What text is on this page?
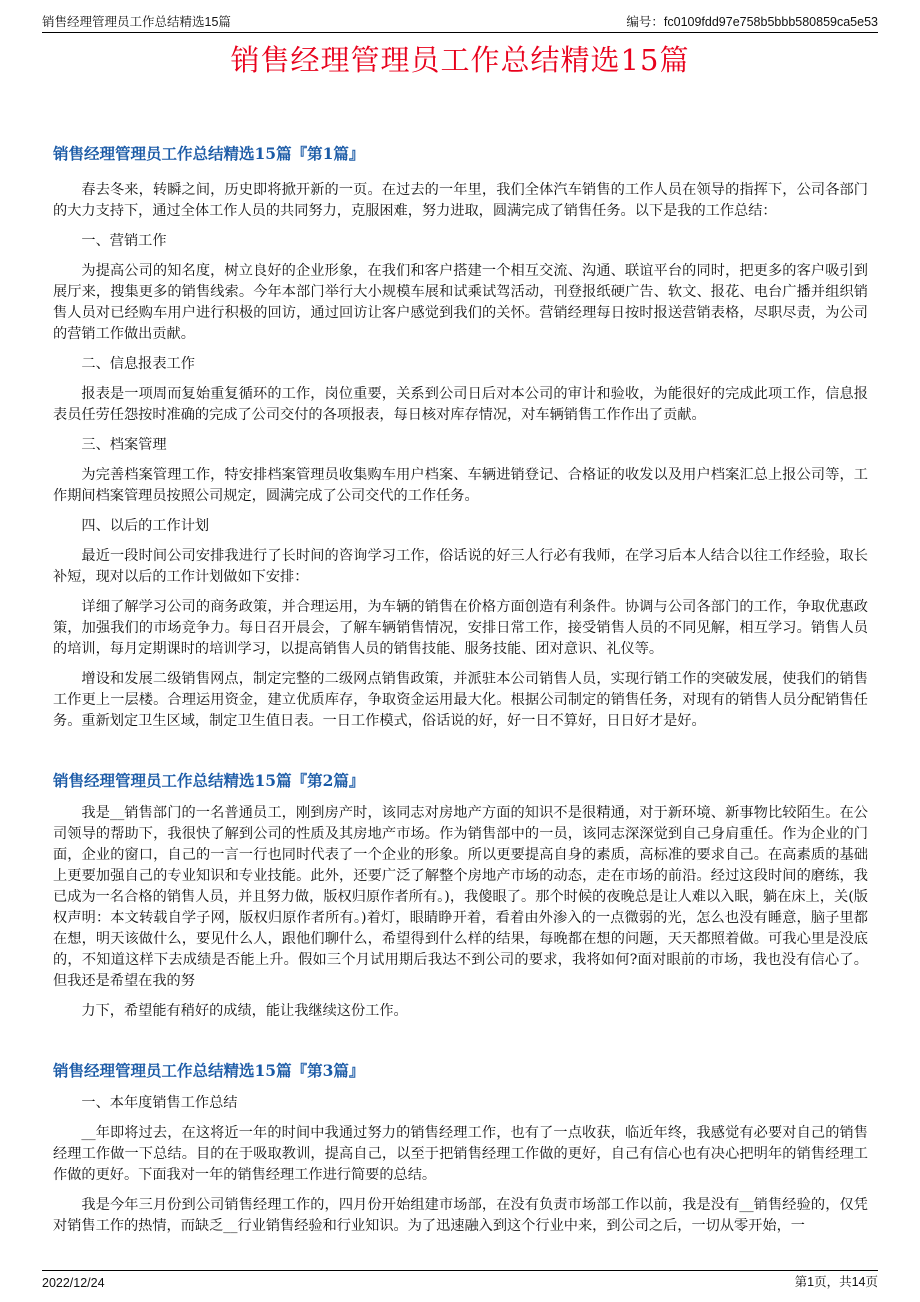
销售经理管理员工作总结精选15篇	编号：fc0109fdd97e758b5bbb580859ca5e53
销售经理管理员工作总结精选15篇
销售经理管理员工作总结精选15篇『第1篇』

春去冬来，转瞬之间，历史即将掀开新的一页。在过去的一年里，我们全体汽车销售的工作人员在领导的指挥下，公司各部门的大力支持下，通过全体工作人员的共同努力，克服困难，努力进取，圆满完成了销售任务。以下是我的工作总结：

一、营销工作

为提高公司的知名度，树立良好的企业形象，在我们和客户搭建一个相互交流、沟通、联谊平台的同时，把更多的客户吸引到展厅来，搜集更多的销售线索。今年本部门举行大小规模车展和试乘试驾活动，刊登报纸硬广告、软文、报花、电台广播并组织销售人员对已经购车用户进行积极的回访，通过回访让客户感觉到我们的关怀。营销经理每日按时报送营销表格，尽职尽责，为公司的营销工作做出贡献。

二、信息报表工作

报表是一项周而复始重复循环的工作，岗位重要，关系到公司日后对本公司的审计和验收，为能很好的完成此项工作，信息报表员任劳任怨按时准确的完成了公司交付的各项报表，每日核对库存情况，对车辆销售工作作出了贡献。

三、档案管理

为完善档案管理工作，特安排档案管理员收集购车用户档案、车辆进销登记、合格证的收发以及用户档案汇总上报公司等，工作期间档案管理员按照公司规定，圆满完成了公司交代的工作任务。

四、以后的工作计划

最近一段时间公司安排我进行了长时间的咨询学习工作，俗话说的好三人行必有我师，在学习后本人结合以往工作经验，取长补短，现对以后的工作计划做如下安排：

详细了解学习公司的商务政策，并合理运用，为车辆的销售在价格方面创造有利条件。协调与公司各部门的工作，争取优惠政策，加强我们的市场竞争力。每日召开晨会，了解车辆销售情况，安排日常工作，接受销售人员的不同见解，相互学习。销售人员的培训，每月定期课时的培训学习，以提高销售人员的销售技能、服务技能、团对意识、礼仪等。

增设和发展二级销售网点，制定完整的二级网点销售政策，并派驻本公司销售人员，实现行销工作的突破发展，使我们的销售工作更上一层楼。合理运用资金，建立优质库存，争取资金运用最大化。根据公司制定的销售任务，对现有的销售人员分配销售任务。重新划定卫生区域，制定卫生值日表。一日工作模式，俗话说的好，好一日不算好，日日好才是好。

销售经理管理员工作总结精选15篇『第2篇』

我是__销售部门的一名普通员工，刚到房产时，该同志对房地产方面的知识不是很精通，对于新环境、新事物比较陌生。在公司领导的帮助下，我很快了解到公司的性质及其房地产市场。作为销售部中的一员，该同志深深觉到自己身肩重任。作为企业的门面，企业的窗口，自己的一言一行也同时代表了一个企业的形象。所以更要提高自身的素质，高标准的要求自己。在高素质的基础上更要加强自己的专业知识和专业技能。此外，还要广泛了解整个房地产市场的动态，走在市场的前沿。经过这段时间的磨练，我已成为一名合格的销售人员，并且努力做，版权归原作者所有。)，我傻眼了。那个时候的夜晚总是让人难以入眠，躺在床上，关(版权声明：本文转载自学子网，版权归原作者所有。)着灯，眼睛睁开着，看着由外渗入的一点微弱的光，怎么也没有睡意，脑子里都在想，明天该做什么，要见什么人，跟他们聊什么，希望得到什么样的结果，每晚都在想的问题，天天都照着做。可我心里是没底的，不知道这样下去成绩是否能上升。假如三个月试用期后我达不到公司的要求，我将如何?面对眼前的市场，我也没有信心了。但我还是希望在我的努

力下，希望能有稍好的成绩，能让我继续这份工作。

销售经理管理员工作总结精选15篇『第3篇』

一、本年度销售工作总结

__年即将过去，在这将近一年的时间中我通过努力的销售经理工作，也有了一点收获，临近年终，我感觉有必要对自己的销售经理工作做一下总结。目的在于吸取教训，提高自己，以至于把销售经理工作做的更好，自己有信心也有决心把明年的销售经理工作做的更好。下面我对一年的销售经理工作进行简要的总结。

我是今年三月份到公司销售经理工作的，四月份开始组建市场部，在没有负责市场部工作以前，我是没有__销售经验的，仅凭对销售工作的热情，而缺乏__行业销售经验和行业知识。为了迅速融入到这个行业中来，到公司之后，一切从零开始，一

2022/12/24	第1页，共14页
